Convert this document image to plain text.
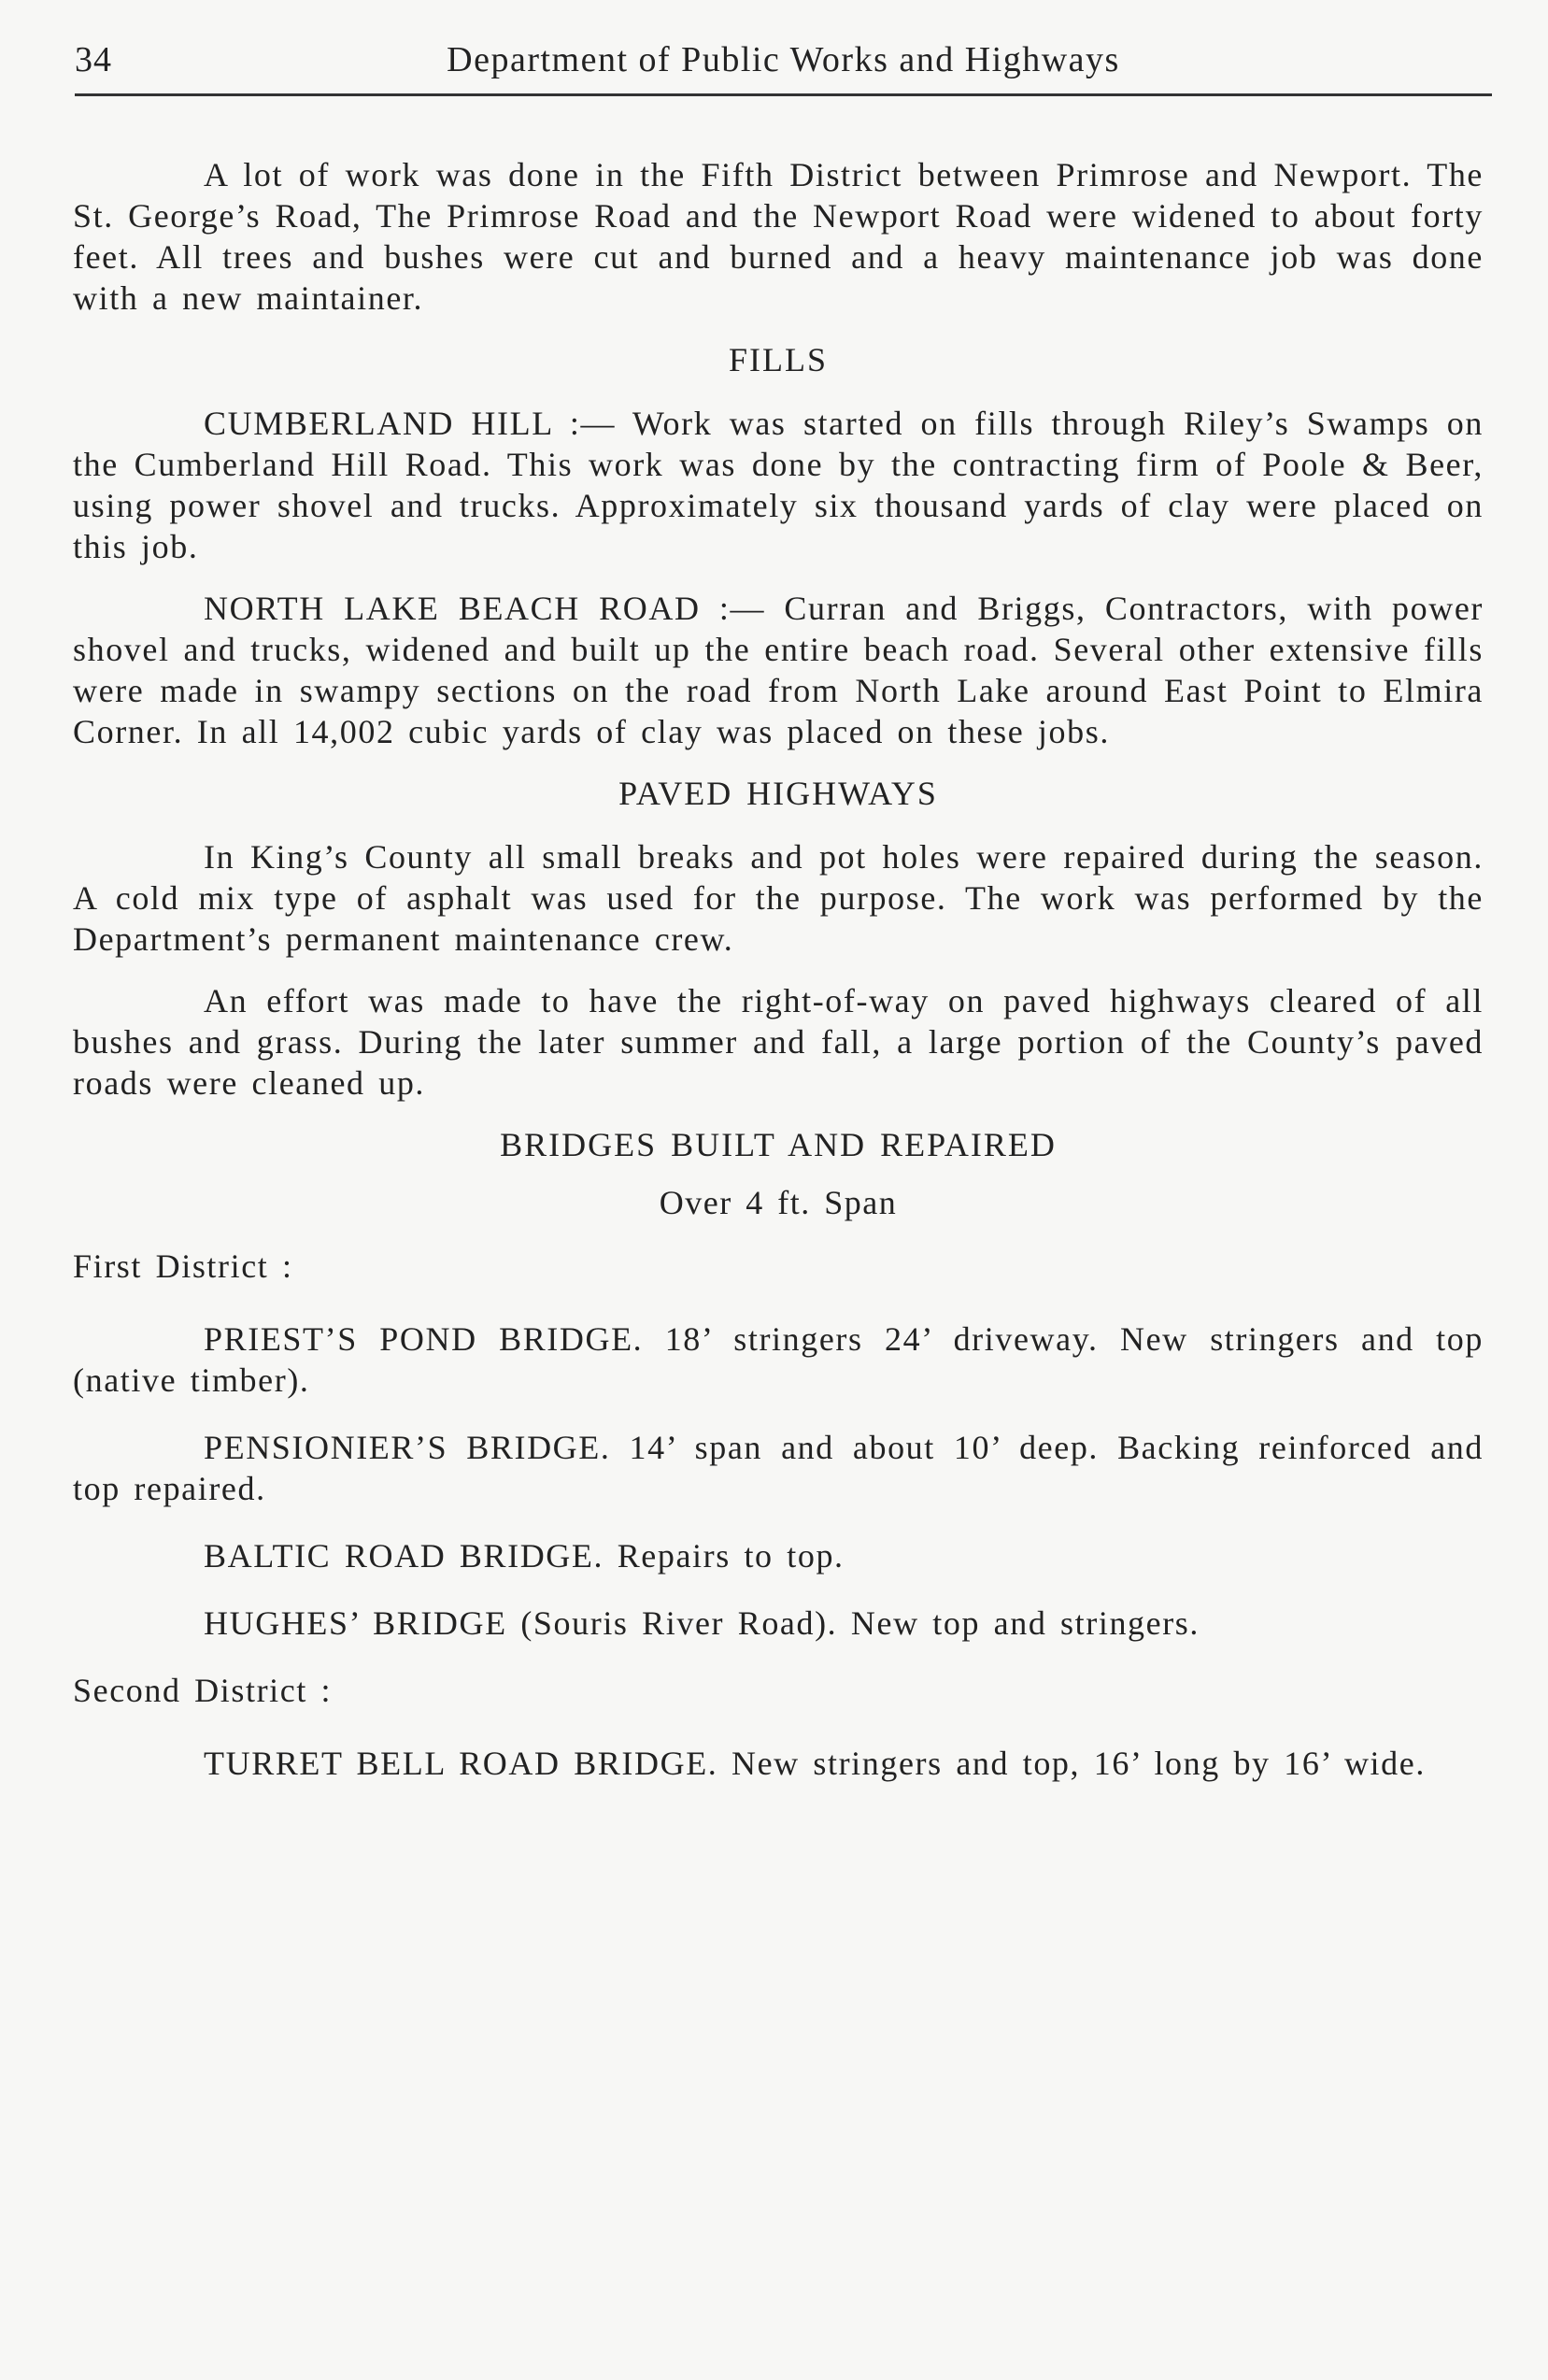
34	Department of Public Works and Highways

A lot of work was done in the Fifth District between Primrose and Newport. The St. George’s Road, The Primrose Road and the Newport Road were widened to about forty feet. All trees and bushes were cut and burned and a heavy maintenance job was done with a new maintainer.

FILLS

CUMBERLAND HILL :— Work was started on fills through Riley’s Swamps on the Cumberland Hill Road. This work was done by the contracting firm of Poole & Beer, using power shovel and trucks. Approximately six thousand yards of clay were placed on this job.

NORTH LAKE BEACH ROAD :— Curran and Briggs, Contractors, with power shovel and trucks, widened and built up the entire beach road. Several other extensive fills were made in swampy sections on the road from North Lake around East Point to Elmira Corner. In all 14,002 cubic yards of clay was placed on these jobs.

PAVED HIGHWAYS

In King’s County all small breaks and pot holes were repaired during the season. A cold mix type of asphalt was used for the purpose. The work was performed by the Department’s permanent maintenance crew.

An effort was made to have the right-of-way on paved highways cleared of all bushes and grass. During the later summer and fall, a large portion of the County’s paved roads were cleaned up.

BRIDGES BUILT AND REPAIRED
Over 4 ft. Span

First District :

PRIEST’S POND BRIDGE. 18’ stringers 24’ driveway. New stringers and top (native timber).

PENSIONIER’S BRIDGE. 14’ span and about 10’ deep. Backing reinforced and top repaired.

BALTIC ROAD BRIDGE. Repairs to top.

HUGHES’ BRIDGE (Souris River Road). New top and stringers.

Second District :

TURRET BELL ROAD BRIDGE. New stringers and top, 16’ long by 16’ wide.
